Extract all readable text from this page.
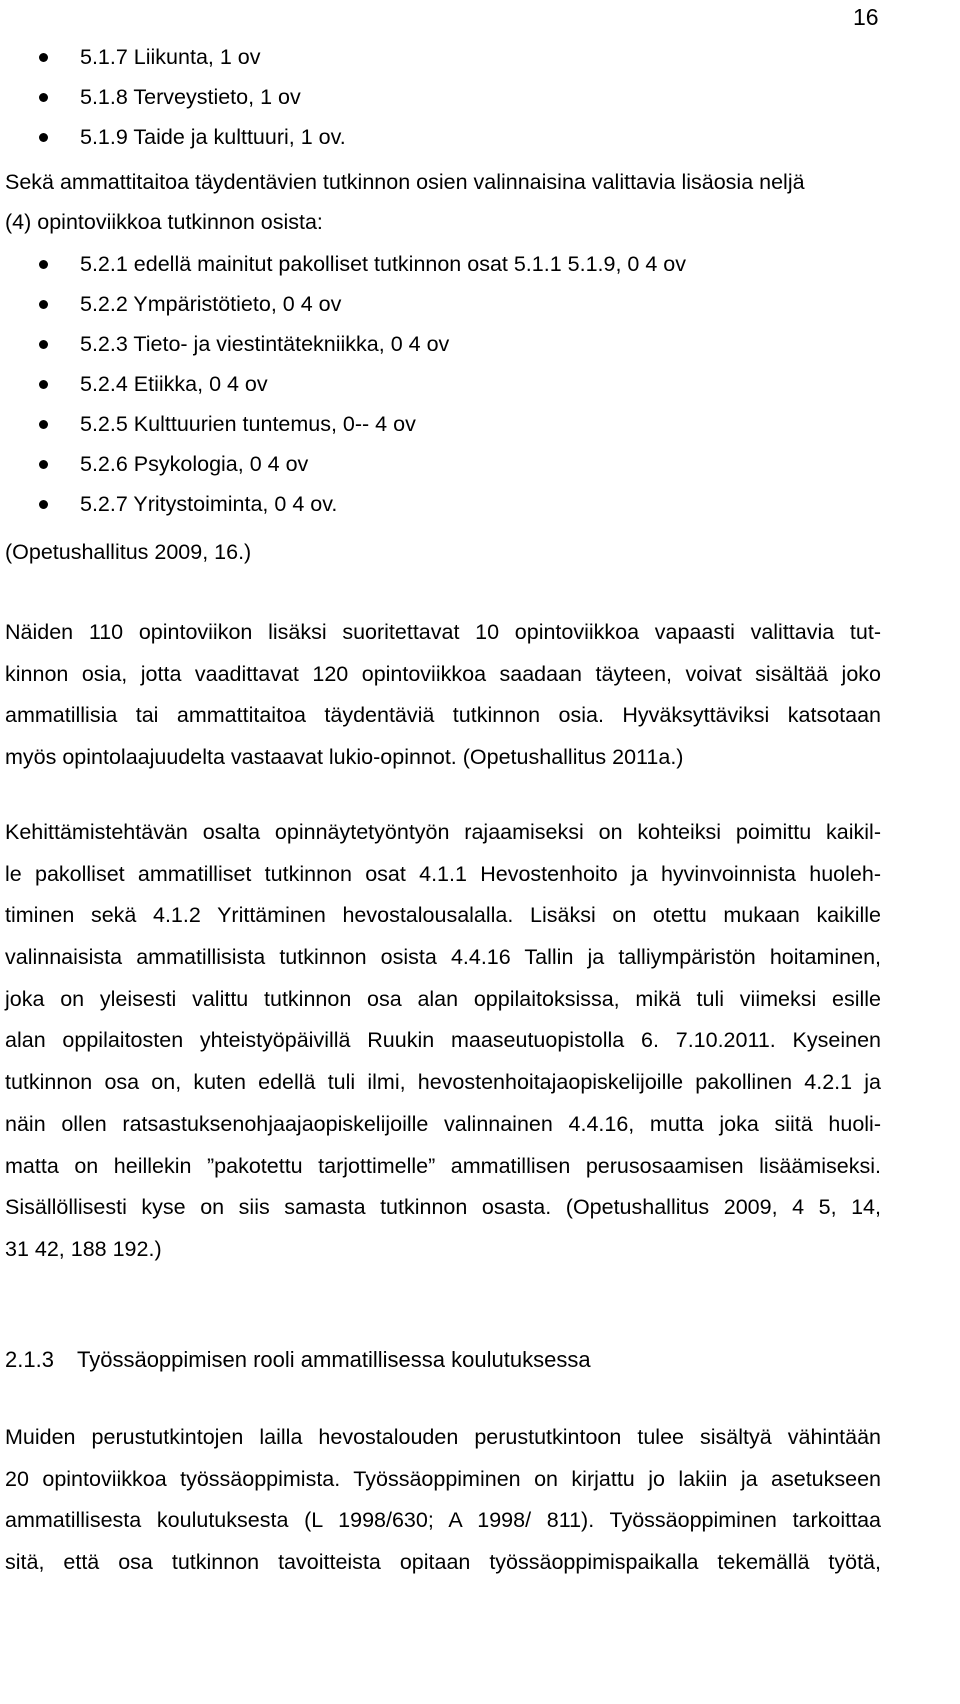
16
5.1.7 Liikunta, 1 ov
5.1.8 Terveystieto, 1 ov
5.1.9 Taide ja kulttuuri, 1 ov.
Sekä ammattitaitoa täydentävien tutkinnon osien valinnaisina valittavia lisäosia neljä
(4) opintoviikkoa tutkinnon osista:
5.2.1 edellä mainitut pakolliset tutkinnon osat 5.1.1 5.1.9, 0 4 ov
5.2.2 Ympäristötieto, 0 4 ov
5.2.3 Tieto- ja viestintätekniikka, 0 4 ov
5.2.4 Etiikka, 0 4 ov
5.2.5 Kulttuurien tuntemus, 0-- 4 ov
5.2.6 Psykologia, 0 4 ov
5.2.7 Yritystoiminta, 0 4 ov.
(Opetushallitus 2009, 16.)
Näiden 110 opintoviikon lisäksi suoritettavat 10 opintoviikkoa vapaasti valittavia tut-
kinnon osia, jotta vaadittavat 120 opintoviikkoa saadaan täyteen, voivat sisältää joko
ammatillisia tai ammattitaitoa täydentäviä tutkinnon osia. Hyväksyttäviksi katsotaan
myös opintolaajuudelta vastaavat lukio-opinnot. (Opetushallitus 2011a.)
Kehittämistehtävän osalta opinnäytetyöntyön rajaamiseksi on kohteiksi poimittu kaikil-
le pakolliset ammatilliset tutkinnon osat 4.1.1 Hevostenhoito ja hyvinvoinnista huoleh-
timinen sekä 4.1.2 Yrittäminen hevostalousalalla. Lisäksi on otettu mukaan kaikille
valinnaisista ammatillisista tutkinnon osista 4.4.16 Tallin ja talliympäristön hoitaminen,
joka on yleisesti valittu tutkinnon osa alan oppilaitoksissa, mikä tuli viimeksi esille
alan oppilaitosten yhteistyöpäivillä Ruukin maaseutuopistolla 6. 7.10.2011. Kyseinen
tutkinnon osa on, kuten edellä tuli ilmi, hevostenhoitajaopiskelijoille pakollinen 4.2.1 ja
näin ollen ratsastuksenohjaajaopiskelijoille valinnainen 4.4.16, mutta joka siitä huoli-
matta on heillekin ”pakotettu tarjottimelle” ammatillisen perusosaamisen lisäämiseksi.
Sisällöllisesti kyse on siis samasta tutkinnon osasta. (Opetushallitus 2009, 4 5, 14,
31 42, 188 192.)
2.1.3 Työssäoppimisen rooli ammatillisessa koulutuksessa
Muiden perustutkintojen lailla hevostalouden perustutkintoon tulee sisältyä vähintään
20 opintoviikkoa työssäoppimista. Työssäoppiminen on kirjattu jo lakiin ja asetukseen
ammatillisesta koulutuksesta (L 1998/630; A 1998/ 811). Työssäoppiminen tarkoittaa
sitä, että osa tutkinnon tavoitteista opitaan työssäoppimispaikalla tekemällä työtä,
